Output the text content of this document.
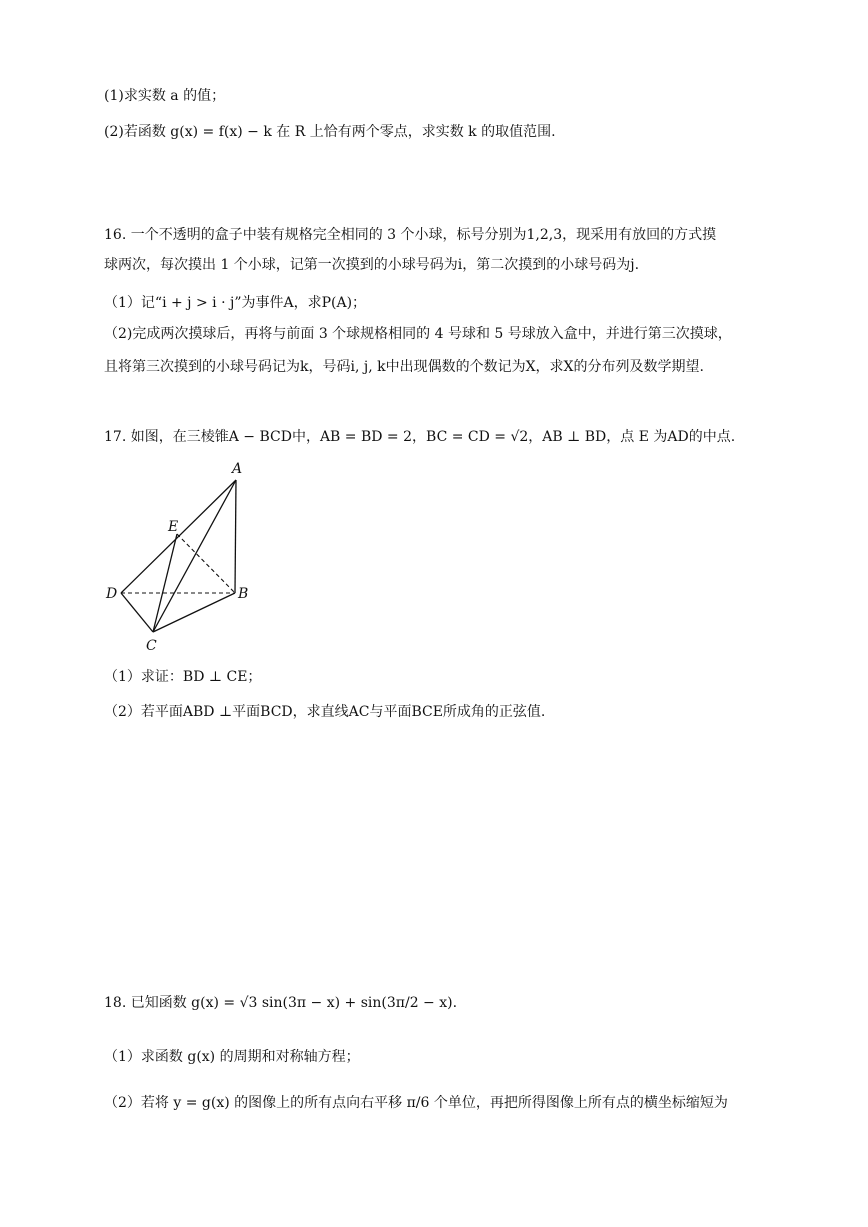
(1)求实数 a 的值；
(2)若函数 g(x) = f(x) − k 在 R 上恰有两个零点，求实数 k 的取值范围.
16. 一个不透明的盒子中装有规格完全相同的 3 个小球，标号分别为1,2,3，现采用有放回的方式摸
球两次，每次摸出 1 个小球，记第一次摸到的小球号码为i，第二次摸到的小球号码为j.
（1）记“i + j > i · j”为事件A，求P(A)；
（2)完成两次摸球后，再将与前面 3 个球规格相同的 4 号球和 5 号球放入盒中，并进行第三次摸球，
且将第三次摸到的小球号码记为k，号码i, j, k中出现偶数的个数记为X，求X的分布列及数学期望.
17. 如图，在三棱锥A − BCD中，AB = BD = 2，BC = CD = √2，AB ⊥ BD，点 E 为AD的中点.
A
E
D	B
C
（1）求证：BD ⊥ CE；
（2）若平面ABD ⊥平面BCD，求直线AC与平面BCE所成角的正弦值.
18. 已知函数 g(x) = √3 sin(3π − x) + sin(3π/2 − x).
（1）求函数 g(x) 的周期和对称轴方程；
（2）若将 y = g(x) 的图像上的所有点向右平移 π/6 个单位，再把所得图像上所有点的横坐标缩短为
